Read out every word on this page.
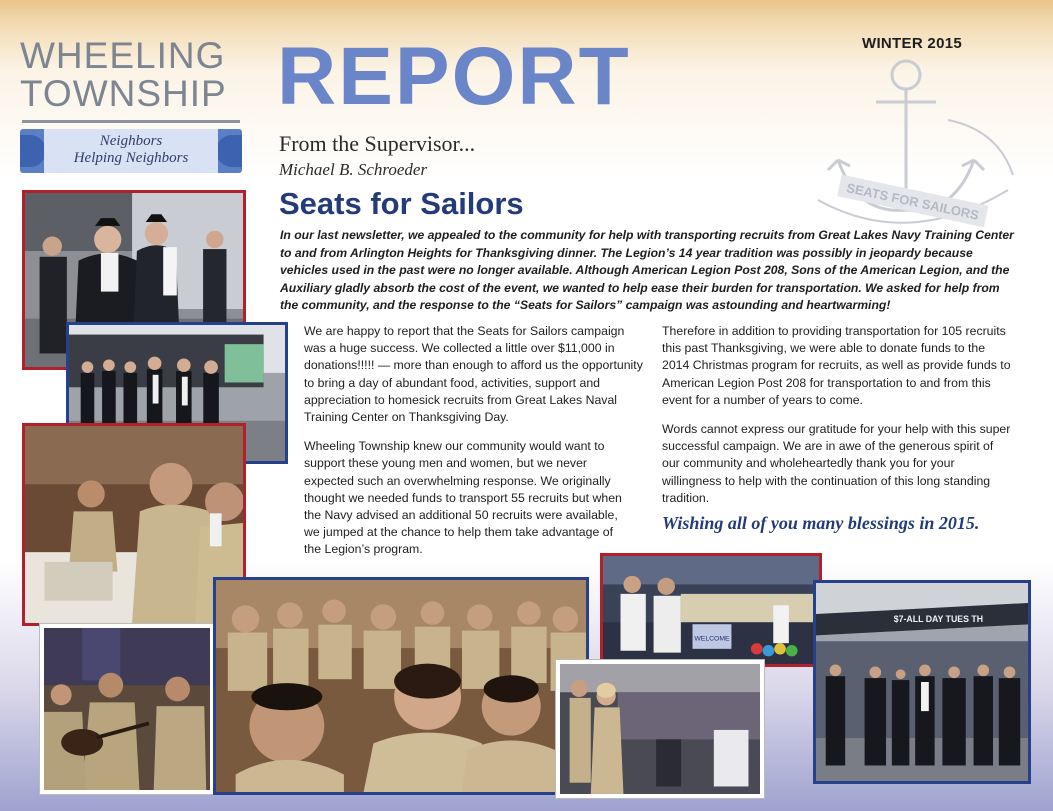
WHEELING
TOWNSHIP
Neighbors
Helping Neighbors
REPORT	WINTER 2015
SEATS FOR SAILORS
From the Supervisor...
Michael B. Schroeder
Seats for Sailors
In our last newsletter, we appealed to the community for help with transporting recruits from Great Lakes Navy Training Center to and from Arlington Heights for Thanksgiving dinner. The Legion’s 14 year tradition was possibly in jeopardy because vehicles used in the past were no longer available. Although American Legion Post 208, Sons of the American Legion, and the Auxiliary gladly absorb the cost of the event, we wanted to help ease their burden for transportation. We asked for help from the community, and the response to the “Seats for Sailors” campaign was astounding and heartwarming!

We are happy to report that the Seats for Sailors campaign was a huge success. We collected a little over $11,000 in donations!!!!! — more than enough to afford us the opportunity to bring a day of abundant food, activities, support and appreciation to homesick recruits from Great Lakes Naval Training Center on Thanksgiving Day.

Wheeling Township knew our community would want to support these young men and women, but we never expected such an overwhelming response. We originally thought we needed funds to transport 55 recruits but when the Navy advised an additional 50 recruits were available, we jumped at the chance to help them take advantage of the Legion’s program.

Therefore in addition to providing transportation for 105 recruits this past Thanksgiving, we were able to donate funds to the 2014 Christmas program for recruits, as well as provide funds to American Legion Post 208 for transportation to and from this event for a number of years to come.

Words cannot express our gratitude for your help with this super successful campaign. We are in awe of the generous spirit of our community and wholeheartedly thank you for your willingness to help with the continuation of this long standing tradition.

Wishing all of you many blessings in 2015.
WELCOME
$7-ALL DAY TUES TH
